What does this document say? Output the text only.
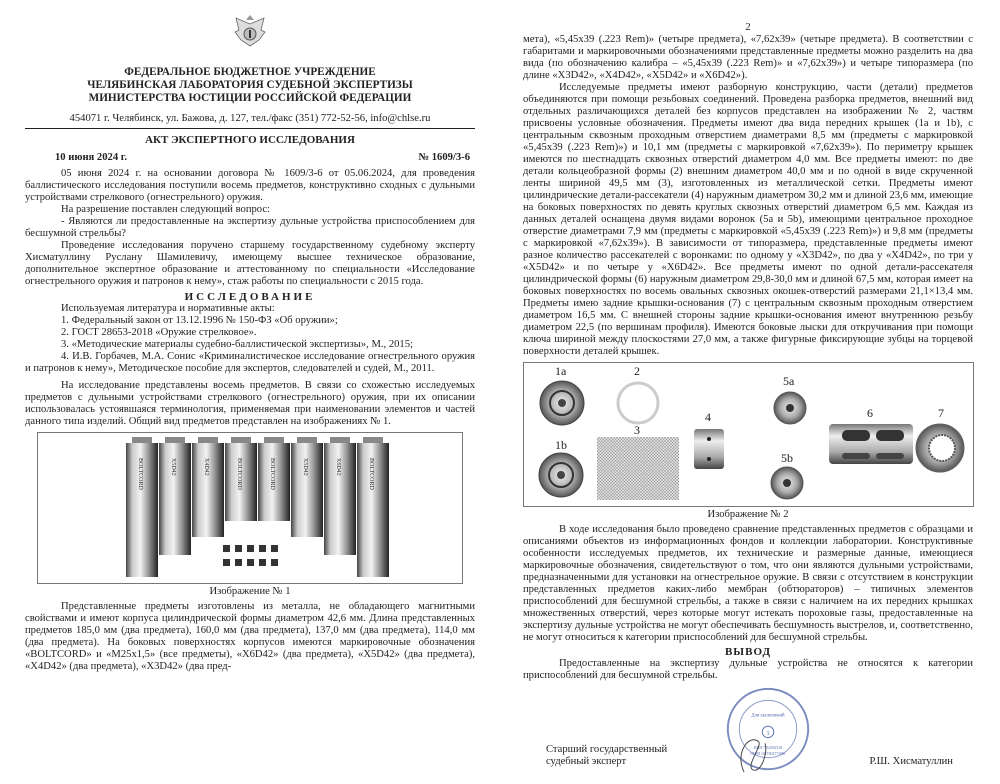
ФЕДЕРАЛЬНОЕ БЮДЖЕТНОЕ УЧРЕЖДЕНИЕ
ЧЕЛЯБИНСКАЯ ЛАБОРАТОРИЯ СУДЕБНОЙ ЭКСПЕРТИЗЫ
МИНИСТЕРСТВА ЮСТИЦИИ РОССИЙСКОЙ ФЕДЕРАЦИИ
454071 г. Челябинск, ул. Бажова, д. 127, тел./факс (351) 772-52-56, info@chlse.ru
АКТ ЭКСПЕРТНОГО ИССЛЕДОВАНИЯ
10 июня 2024 г.	№ 1609/3-6

05 июня 2024 г. на основании договора № 1609/3-6 от 05.06.2024, для проведения баллистического исследования поступили восемь предметов, конструктивно сходных с дульными устройствами стрелкового (огнестрельного) оружия.

На разрешение поставлен следующий вопрос:

- Являются ли предоставленные на экспертизу дульные устройства приспособлением для бесшумной стрельбы?

Проведение исследования поручено старшему государственному судебному эксперту Хисматуллину Руслану Шамилевичу, имеющему высшее техническое образование, дополнительное экспертное образование и аттестованному по специальности «Исследование огнестрельного оружия и патронов к нему», стаж работы по специальности с 2015 года.

ИССЛЕДОВАНИЕ

Используемая литература и нормативные акты:

1. Федеральный закон от 13.12.1996 № 150-ФЗ «Об оружии»;

2. ГОСТ 28653-2018 «Оружие стрелковое».

3. «Методические материалы судебно-баллистической экспертизы», М., 2015;

4. И.В. Горбачев, М.А. Сонис «Криминалистическое исследование огнестрельного оружия и патронов к нему», Методическое пособие для экспертов, следователей и судей, М., 2011.

На исследование представлены восемь предметов. В связи со схожестью исследуемых предметов с дульными устройствами стрелкового (огнестрельного) оружия, при их описании использовалась устоявшаяся терминология, применяемая при наименовании элементов и частей данного типа изделий. Общий вид предметов представлен на изображениях № 1.

BOLTCORD	X5D42	X4D42	BOLTCORD	BOLTCORD	X5D42	X6D42	BOLTCORD
Изображение № 1

Представленные предметы изготовлены из металла, не обладающего магнитными свойствами и имеют корпуса цилиндрической формы диаметром 42,6 мм. Длина представленных предметов 185,0 мм (два предмета), 160,0 мм (два предмета), 137,0 мм (два предмета), 114,0 мм (два предмета). На боковых поверхностях корпусов имеются маркировочные обозначения «BOLTCORD» и «M25x1,5» (все предметы), «X6D42» (два предмета), «X5D42» (два предмета), «X4D42» (два предмета), «X3D42» (два пред-

2

мета), «5,45x39 (.223 Rem)» (четыре предмета), «7,62x39» (четыре предмета). В соответствии с габаритами и маркировочными обозначениями представленные предметы можно разделить на два вида (по обозначению калибра – «5,45x39 (.223 Rem)» и «7,62x39») и четыре типоразмера (по длине «X3D42», «X4D42», «X5D42» и «X6D42»).

Исследуемые предметы имеют разборную конструкцию, части (детали) предметов объединяются при помощи резьбовых соединений. Проведена разборка предметов, внешний вид отдельных различающихся деталей без корпусов представлен на изображении № 2, частям присвоены условные обозначения. Предметы имеют два вида передних крышек (1a и 1b), с центральным сквозным проходным отверстием диаметрами 8,5 мм (предметы с маркировкой «5,45x39 (.223 Rem)») и 10,1 мм (предметы с маркировкой «7,62x39»). По периметру крышек имеются по шестнадцать сквозных отверстий диаметром 4,0 мм. Все предметы имеют: по две детали кольцеобразной формы (2) внешним диаметром 40,0 мм и по одной в виде скрученной ленты шириной 49,5 мм (3), изготовленных из металлической сетки. Предметы имеют цилиндрические детали-рассекатели (4) наружным диаметром 30,2 мм и длиной 23,6 мм, имеющие на боковых поверхностях по девять круглых сквозных отверстий диаметром 6,5 мм. Каждая из данных деталей оснащена двумя видами воронок (5a и 5b), имеющими центральное проходное отверстие диаметрами 7,9 мм (предметы с маркировкой «5,45x39 (.223 Rem)») и 9,8 мм (предметы с маркировкой «7,62x39»). В зависимости от типоразмера, представленные предметы имеют разное количество рассекателей с воронками: по одному у «X3D42», по два у «X4D42», по три у «X5D42» и по четыре у «X6D42». Все предметы имеют по одной детали-рассекателя цилиндрической формы (6) наружным диаметром 29,8-30,0 мм и длиной 67,5 мм, которая имеет на боковых поверхностях по восемь овальных сквозных окошек-отверстий размерами 21,1×13,4 мм. Предметы имею задние крышки-основания (7) с центральным сквозным проходным отверстием диаметром 16,5 мм. С внешней стороны задние крышки-основания имеют внутреннюю резьбу диаметром 22,5 (по вершинам профиля). Имеются боковые лыски для откручивания при помощи ключа шириной между плоскостями 27,0 мм, а также фигурные фиксирующие зубцы на торцевой поверхности деталей крышек.

1a
1b
2
3
4
5a
5b
6	7
Изображение № 2

В ходе исследования было проведено сравнение представленных предметов с образцами и описаниями объектов из информационных фондов и коллекции лаборатории. Конструктивные особенности исследуемых предметов, их технические и размерные данные, имеющиеся маркировочные обозначения, свидетельствуют о том, что они являются дульными устройствами, предназначенными для установки на огнестрельное оружие. В связи с отсутствием в конструкции представленных предметов каких-либо мембран (обтюраторов) – типичных элементов приспособлений для бесшумной стрельбы, а также в связи с наличием на их передних крышках множественных отверстий, через которые могут истекать пороховые газы, предоставленные на экспертизу дульные устройства не могут обеспечивать бесшумность выстрелов, и, соответственно, не могут относиться к категории приспособлений для бесшумной стрельбы.

ВЫВОД

Предоставленные на экспертизу дульные устройства не относятся к категории приспособлений для бесшумной стрельбы.

Старший государственный
судебный эксперт
1
Для заключений
ИНН 7452002318
ОГРН 1027403771861
Р.Ш. Хисматуллин
